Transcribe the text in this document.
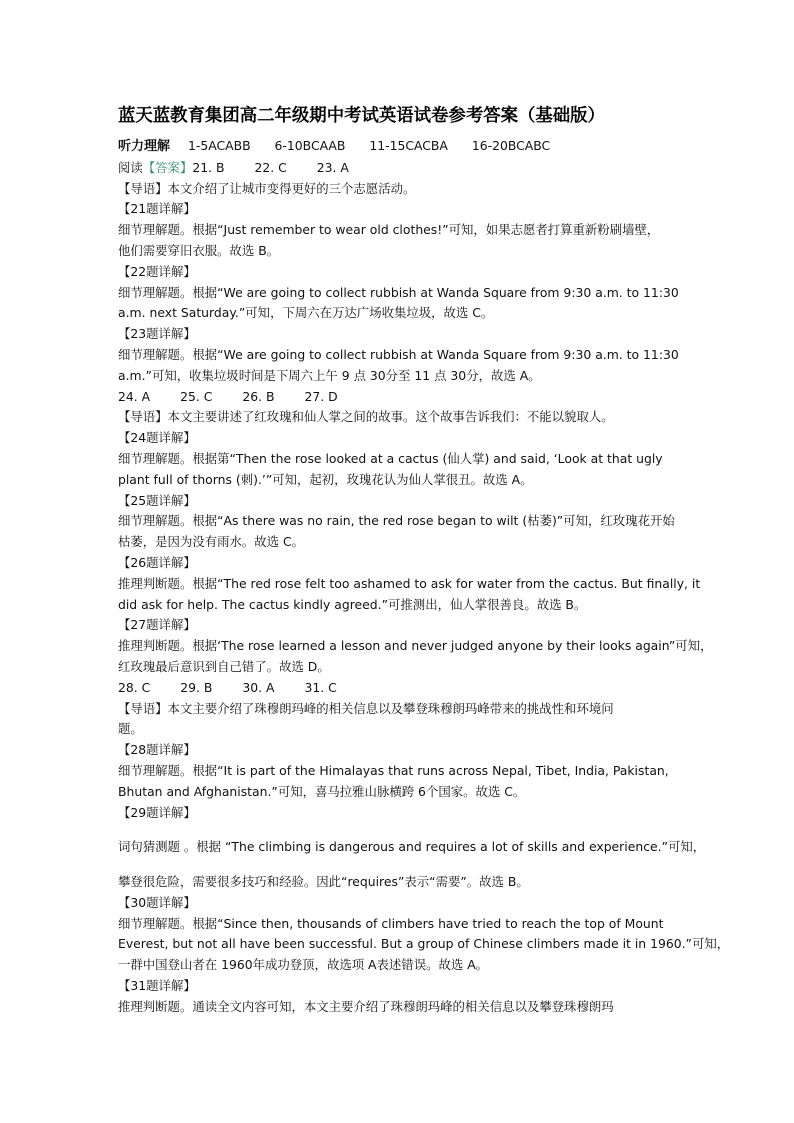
蓝天蓝教育集团高二年级期中考试英语试卷参考答案（基础版）
听力理解 1-5ACABB 6-10BCAAB 11-15CACBA 16-20BCABC
阅读【答案】21. B 22. C 23. A
【导语】本文介绍了让城市变得更好的三个志愿活动。
【21题详解】
细节理解题。根据“Just remember to wear old clothes!”可知，如果志愿者打算重新粉刷墙壁，
他们需要穿旧衣服。故选 B。
【22题详解】
细节理解题。根据“We are going to collect rubbish at Wanda Square from 9:30 a.m. to 11:30
a.m. next Saturday.”可知，下周六在万达广场收集垃圾，故选 C。
【23题详解】
细节理解题。根据“We are going to collect rubbish at Wanda Square from 9:30 a.m. to 11:30
a.m.”可知，收集垃圾时间是下周六上午 9 点 30分至 11 点 30分，故选 A。
24. A 25. C 26. B 27. D
【导语】本文主要讲述了红玫瑰和仙人掌之间的故事。这个故事告诉我们：不能以貌取人。
【24题详解】
细节理解题。根据第“Then the rose looked at a cactus (仙人掌) and said, ‘Look at that ugly
plant full of thorns (刺).’”可知，起初，玫瑰花认为仙人掌很丑。故选 A。
【25题详解】
细节理解题。根据“As there was no rain, the red rose began to wilt (枯萎)”可知，红玫瑰花开始
枯萎，是因为没有雨水。故选 C。
【26题详解】
推理判断题。根据“The red rose felt too ashamed to ask for water from the cactus. But finally, it
did ask for help. The cactus kindly agreed.”可推测出，仙人掌很善良。故选 B。
【27题详解】
推理判断题。根据‘The rose learned a lesson and never judged anyone by their looks again”可知，
红玫瑰最后意识到自己错了。故选 D。
28. C 29. B 30. A 31. C
【导语】本文主要介绍了珠穆朗玛峰的相关信息以及攀登珠穆朗玛峰带来的挑战性和环境问
题。
【28题详解】
细节理解题。根据“It is part of the Himalayas that runs across Nepal, Tibet, India, Pakistan,
Bhutan and Afghanistan.”可知，喜马拉雅山脉横跨 6个国家。故选 C。
【29题详解】
词句猜测题 。根据 “The climbing is dangerous and requires a lot of skills and experience.”可知，
攀登很危险，需要很多技巧和经验。因此“requires”表示“需要”。故选 B。
【30题详解】
细节理解题。根据“Since then, thousands of climbers have tried to reach the top of Mount
Everest, but not all have been successful. But a group of Chinese climbers made it in 1960.”可知，
一群中国登山者在 1960年成功登顶，故选项 A表述错误。故选 A。
【31题详解】
推理判断题。通读全文内容可知，本文主要介绍了珠穆朗玛峰的相关信息以及攀登珠穆朗玛
